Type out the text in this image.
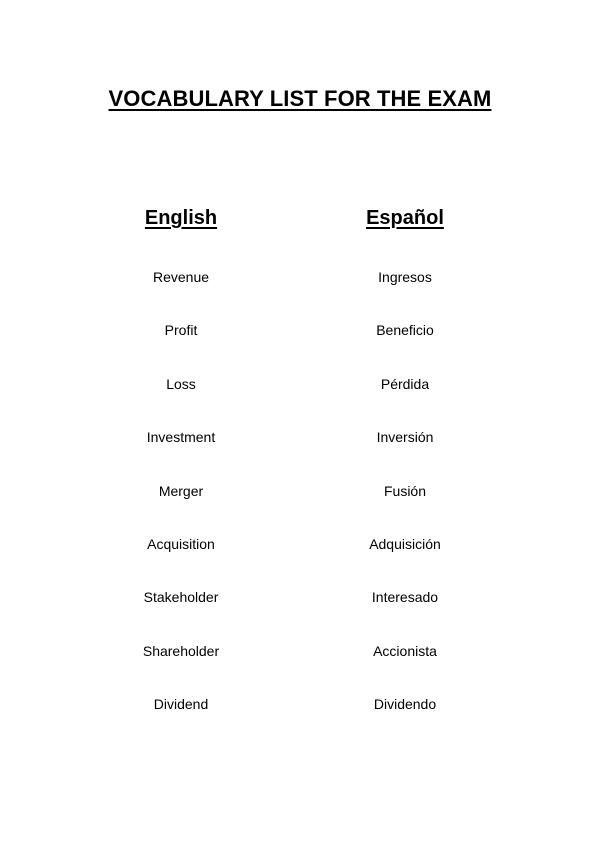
VOCABULARY LIST FOR THE EXAM
English	Español
Revenue	Ingresos
Profit	Beneficio
Loss	Pérdida
Investment	Inversión
Merger	Fusión
Acquisition	Adquisición
Stakeholder	Interesado
Shareholder	Accionista
Dividend	Dividendo
